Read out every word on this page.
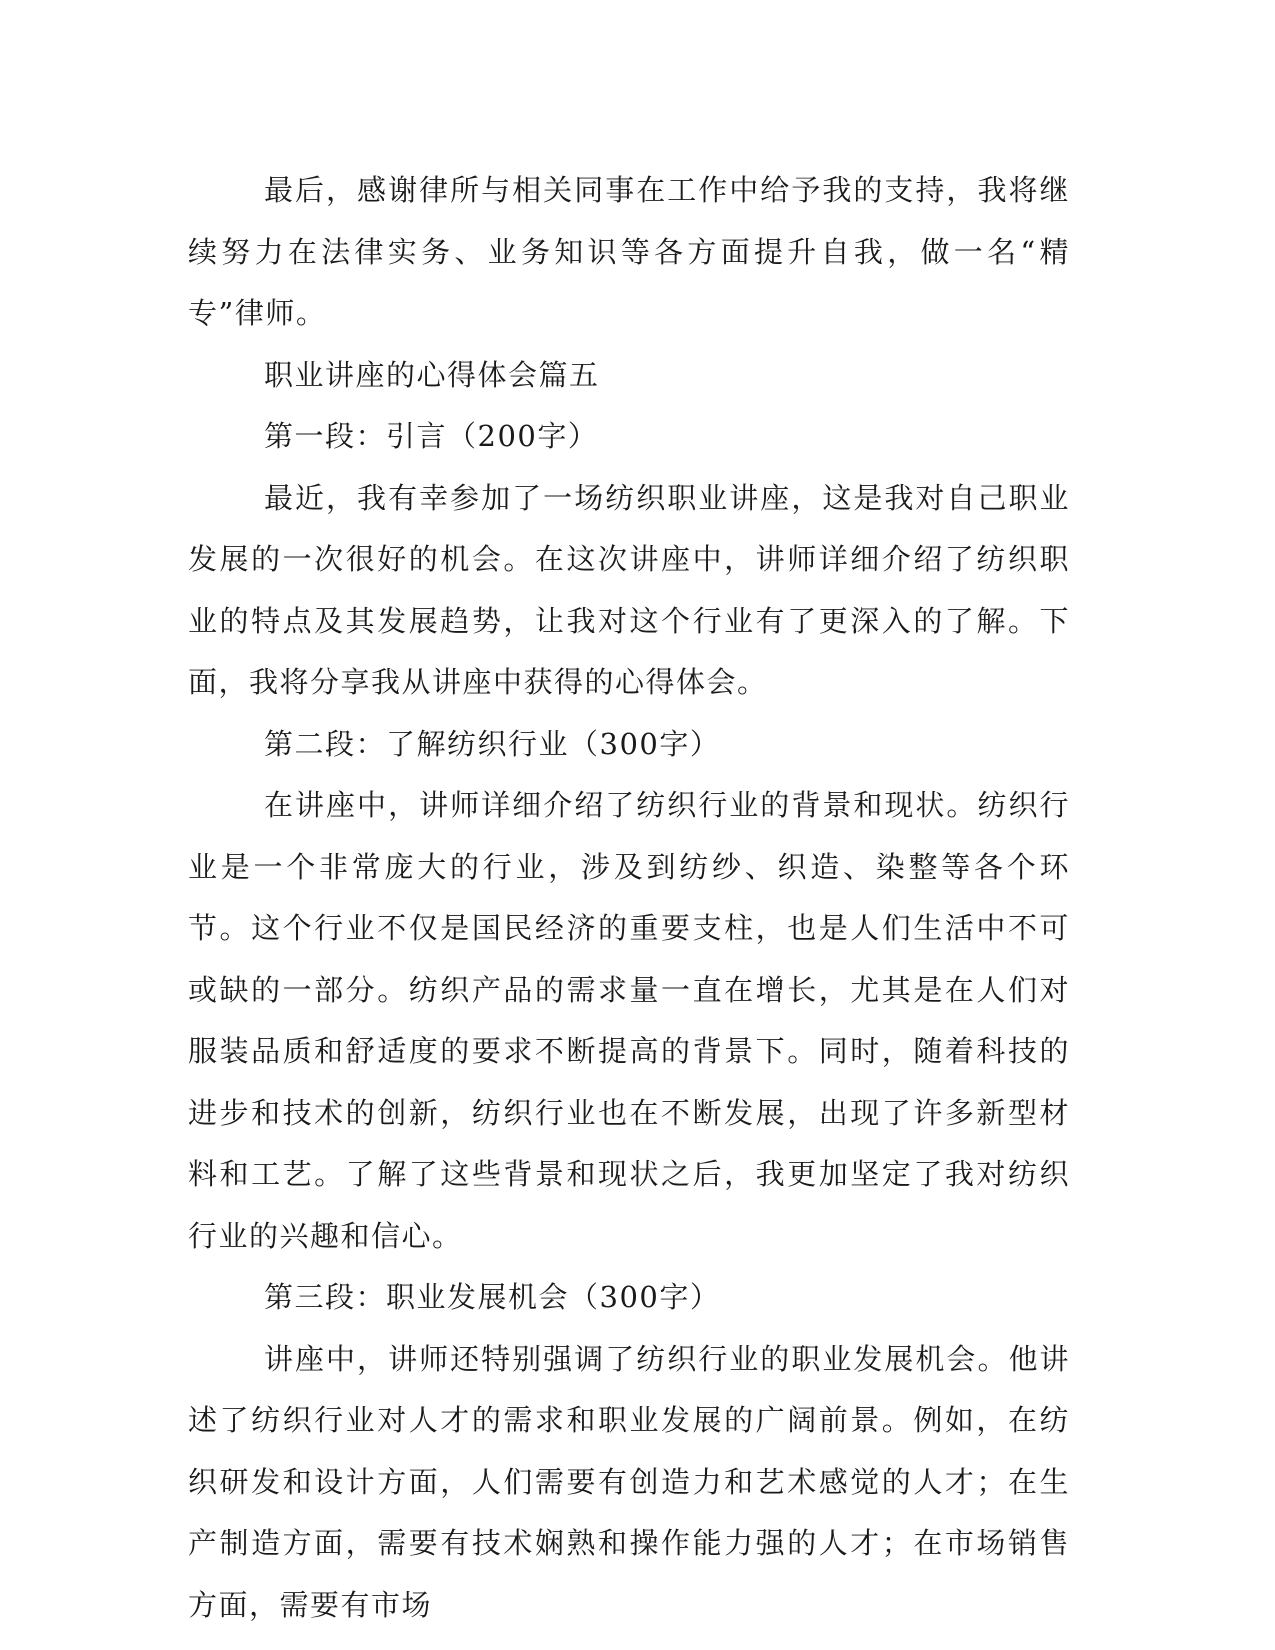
最后，感谢律所与相关同事在工作中给予我的支持，我将继续努力在法律实务、业务知识等各方面提升自我，做一名“精专”律师。

职业讲座的心得体会篇五

第一段：引言（200字）

最近，我有幸参加了一场纺织职业讲座，这是我对自己职业发展的一次很好的机会。在这次讲座中，讲师详细介绍了纺织职业的特点及其发展趋势，让我对这个行业有了更深入的了解。下面，我将分享我从讲座中获得的心得体会。

第二段：了解纺织行业（300字）

在讲座中，讲师详细介绍了纺织行业的背景和现状。纺织行业是一个非常庞大的行业，涉及到纺纱、织造、染整等各个环节。这个行业不仅是国民经济的重要支柱，也是人们生活中不可或缺的一部分。纺织产品的需求量一直在增长，尤其是在人们对服装品质和舒适度的要求不断提高的背景下。同时，随着科技的进步和技术的创新，纺织行业也在不断发展，出现了许多新型材料和工艺。了解了这些背景和现状之后，我更加坚定了我对纺织行业的兴趣和信心。

第三段：职业发展机会（300字）

讲座中，讲师还特别强调了纺织行业的职业发展机会。他讲述了纺织行业对人才的需求和职业发展的广阔前景。例如，在纺织研发和设计方面，人们需要有创造力和艺术感觉的人才；在生产制造方面，需要有技术娴熟和操作能力强的人才；在市场销售方面，需要有市场
